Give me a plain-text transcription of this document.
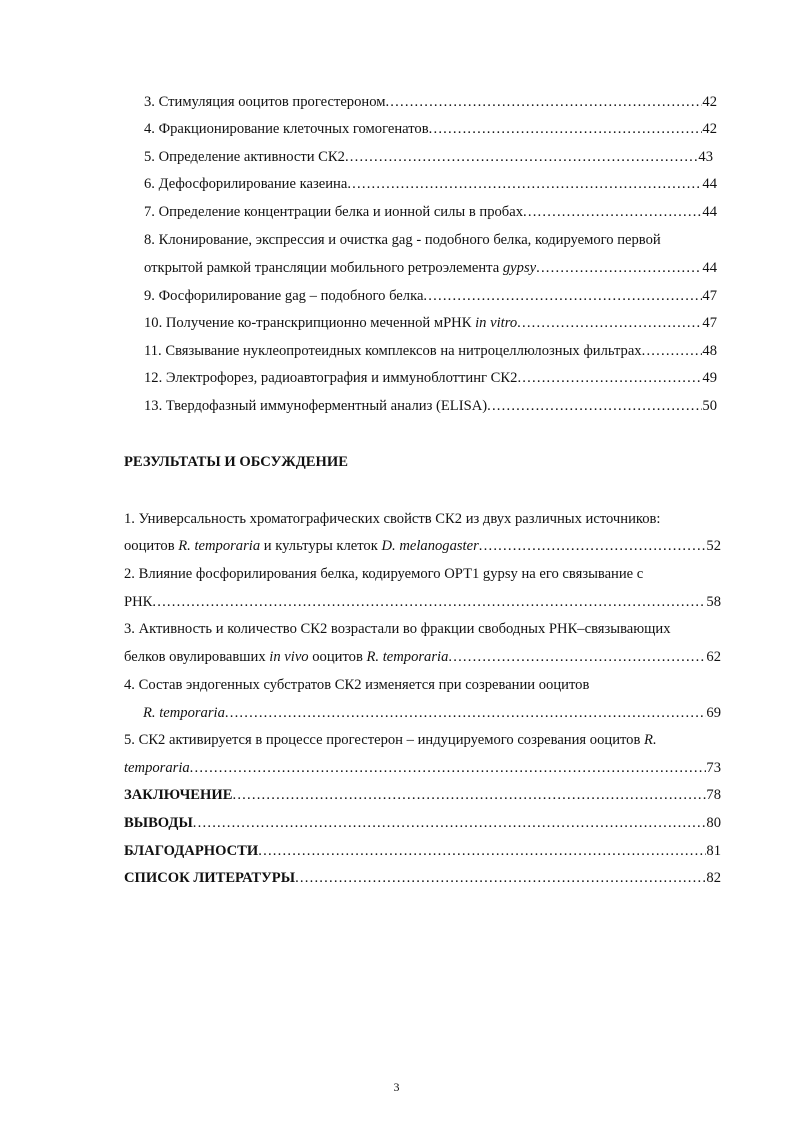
3. Стимуляция ооцитов прогестероном .....	42
4. Фракционирование клеточных гомогенатов .....	42
5. Определение активности СК2 .....	43
6. Дефосфорилирование казеина .....	44
7. Определение концентрации белка и ионной силы в пробах .....	44
8. Клонирование, экспрессия и очистка gag - подобного белка, кодируемого первой
открытой рамкой трансляции мобильного ретроэлемента gypsy .....	44
9. Фосфорилирование gag – подобного белка .....	47
10. Получение ко-транскрипционно меченной мРНК in vitro .....	47
11. Связывание нуклеопротеидных комплексов на нитроцеллюлозных фильтрах .....	48
12. Электрофорез, радиоавтография и иммуноблоттинг СК2 .....	49
13. Твердофазный иммуноферментный анализ (ELISA) .....	50
РЕЗУЛЬТАТЫ И ОБСУЖДЕНИЕ
1. Универсальность хроматографических свойств СК2 из двух различных источников:
ооцитов R. temporaria и культуры клеток D. melanogaster .....	52
2. Влияние фосфорилирования белка, кодируемого ОРТ1 gypsy на его связывание с
РНК .....	58
3. Активность и количество СК2 возрастали во фракции свободных РНК–связывающих
белков овулировавших in vivo ооцитов R. temporaria .....	62
4. Состав эндогенных субстратов СК2 изменяется при созревании ооцитов
R. temporaria .....	69
5. СК2 активируется в процессе прогестерон – индуцируемого созревания ооцитов R.
temporaria .....	73
ЗАКЛЮЧЕНИЕ .....	78
ВЫВОДЫ .....	80
БЛАГОДАРНОСТИ .....	81
СПИСОК ЛИТЕРАТУРЫ .....	82
3
